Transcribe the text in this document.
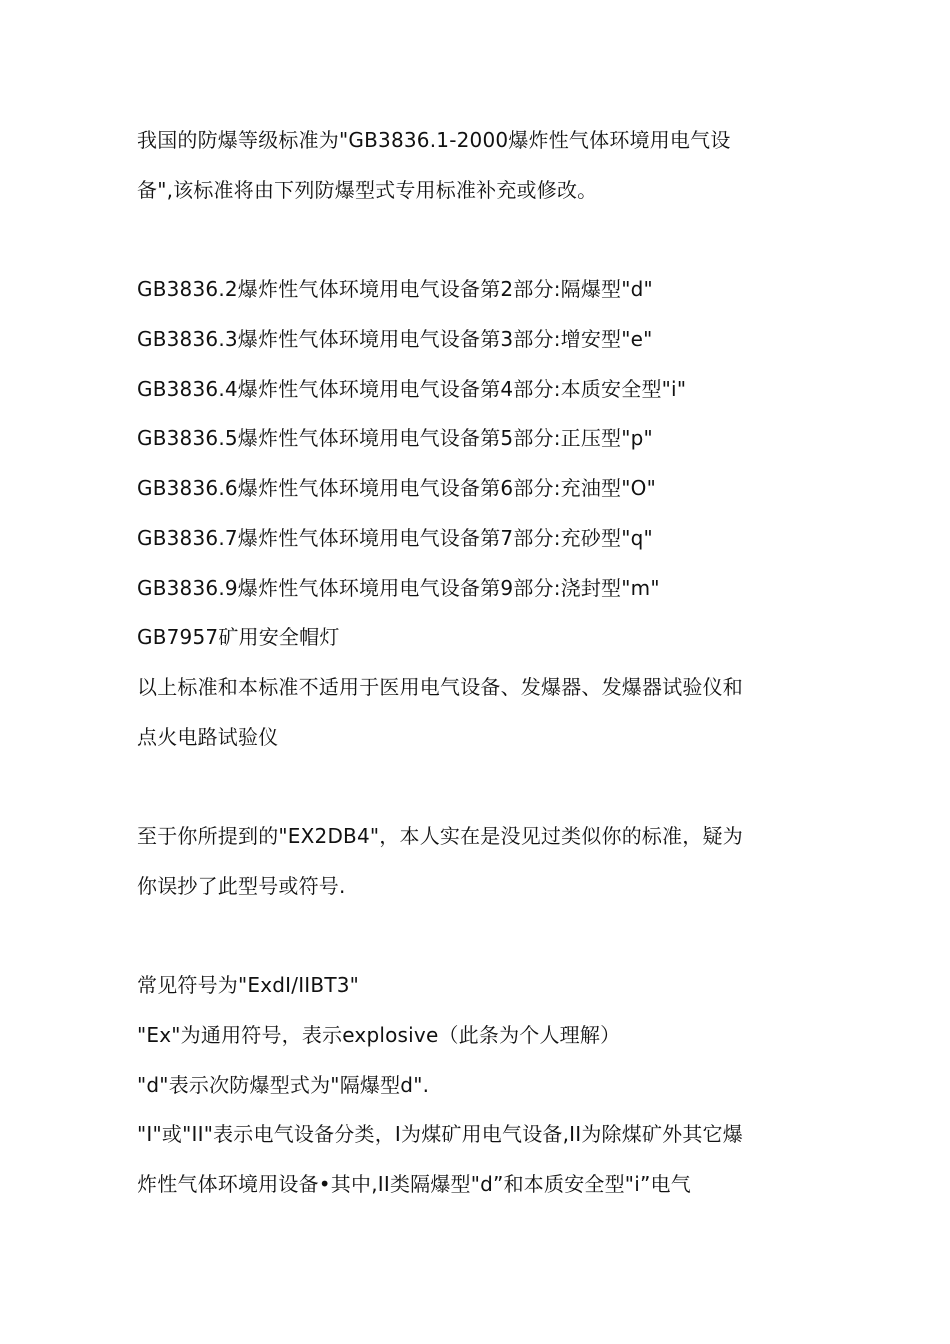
我国的防爆等级标准为"GB3836.1-2000爆炸性气体环境用电气设
备",该标准将由下列防爆型式专用标准补充或修改。
GB3836.2爆炸性气体环境用电气设备第2部分:隔爆型"d"
GB3836.3爆炸性气体环境用电气设备第3部分:增安型"e"
GB3836.4爆炸性气体环境用电气设备第4部分:本质安全型"i"
GB3836.5爆炸性气体环境用电气设备第5部分:正压型"p"
GB3836.6爆炸性气体环境用电气设备第6部分:充油型"O"
GB3836.7爆炸性气体环境用电气设备第7部分:充砂型"q"
GB3836.9爆炸性气体环境用电气设备第9部分:浇封型"m"
GB7957矿用安全帽灯
以上标准和本标准不适用于医用电气设备、发爆器、发爆器试验仪和
点火电路试验仪
至于你所提到的"EX2DB4"，本人实在是没见过类似你的标准，疑为
你误抄了此型号或符号.
常见符号为"ExdⅠ/IIBT3"
"Ex"为通用符号，表示explosive（此条为个人理解）
"d"表示次防爆型式为"隔爆型d".
"Ⅰ"或"II"表示电气设备分类，Ⅰ为煤矿用电气设备,II为除煤矿外其它爆
炸性气体环境用设备•其中,II类隔爆型"d”和本质安全型"i”电气
